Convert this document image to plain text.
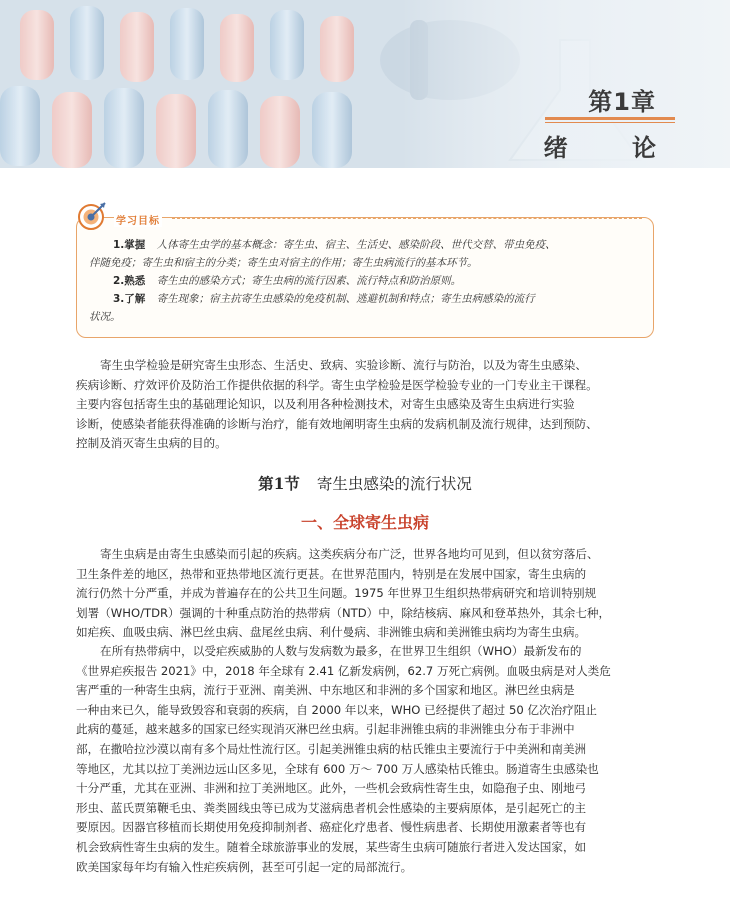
第1章
绪 论
1.掌握 人体寄生虫学的基本概念：寄生虫、宿主、生活史、感染阶段、世代交替、带虫免疫、
伴随免疫；寄生虫和宿主的分类；寄生虫对宿主的作用；寄生虫病流行的基本环节。
2.熟悉 寄生虫的感染方式；寄生虫病的流行因素、流行特点和防治原则。
3.了解 寄生现象；宿主抗寄生虫感染的免疫机制、逃避机制和特点；寄生虫病感染的流行
状况。
学习目标
寄生虫学检验是研究寄生虫形态、生活史、致病、实验诊断、流行与防治，以及为寄生虫感染、
疾病诊断、疗效评价及防治工作提供依据的科学。寄生虫学检验是医学检验专业的一门专业主干课程。
主要内容包括寄生虫的基础理论知识，以及利用各种检测技术，对寄生虫感染及寄生虫病进行实验
诊断，使感染者能获得准确的诊断与治疗，能有效地阐明寄生虫病的发病机制及流行规律，达到预防、
控制及消灭寄生虫病的目的。
第1节 寄生虫感染的流行状况
一、全球寄生虫病
寄生虫病是由寄生虫感染而引起的疾病。这类疾病分布广泛，世界各地均可见到，但以贫穷落后、
卫生条件差的地区，热带和亚热带地区流行更甚。在世界范围内，特别是在发展中国家，寄生虫病的
流行仍然十分严重，并成为普遍存在的公共卫生问题。1975 年世界卫生组织热带病研究和培训特别规
划署（WHO/TDR）强调的十种重点防治的热带病（NTD）中，除结核病、麻风和登革热外，其余七种，
如疟疾、血吸虫病、淋巴丝虫病、盘尾丝虫病、利什曼病、非洲锥虫病和美洲锥虫病均为寄生虫病。
在所有热带病中，以受疟疾威胁的人数与发病数为最多，在世界卫生组织（WHO）最新发布的
《世界疟疾报告 2021》中，2018 年全球有 2.41 亿新发病例，62.7 万死亡病例。血吸虫病是对人类危
害严重的一种寄生虫病，流行于亚洲、南美洲、中东地区和非洲的多个国家和地区。淋巴丝虫病是
一种由来已久，能导致毁容和衰弱的疾病，自 2000 年以来，WHO 已经提供了超过 50 亿次治疗阻止
此病的蔓延，越来越多的国家已经实现消灭淋巴丝虫病。引起非洲锥虫病的非洲锥虫分布于非洲中
部，在撒哈拉沙漠以南有多个局灶性流行区。引起美洲锥虫病的枯氏锥虫主要流行于中美洲和南美洲
等地区，尤其以拉丁美洲边远山区多见，全球有 600 万～ 700 万人感染枯氏锥虫。肠道寄生虫感染也
十分严重，尤其在亚洲、非洲和拉丁美洲地区。此外，一些机会致病性寄生虫，如隐孢子虫、刚地弓
形虫、蓝氏贾第鞭毛虫、粪类圆线虫等已成为艾滋病患者机会性感染的主要病原体，是引起死亡的主
要原因。因器官移植而长期使用免疫抑制剂者、癌症化疗患者、慢性病患者、长期使用激素者等也有
机会致病性寄生虫病的发生。随着全球旅游事业的发展，某些寄生虫病可随旅行者进入发达国家，如
欧美国家每年均有输入性疟疾病例，甚至可引起一定的局部流行。
